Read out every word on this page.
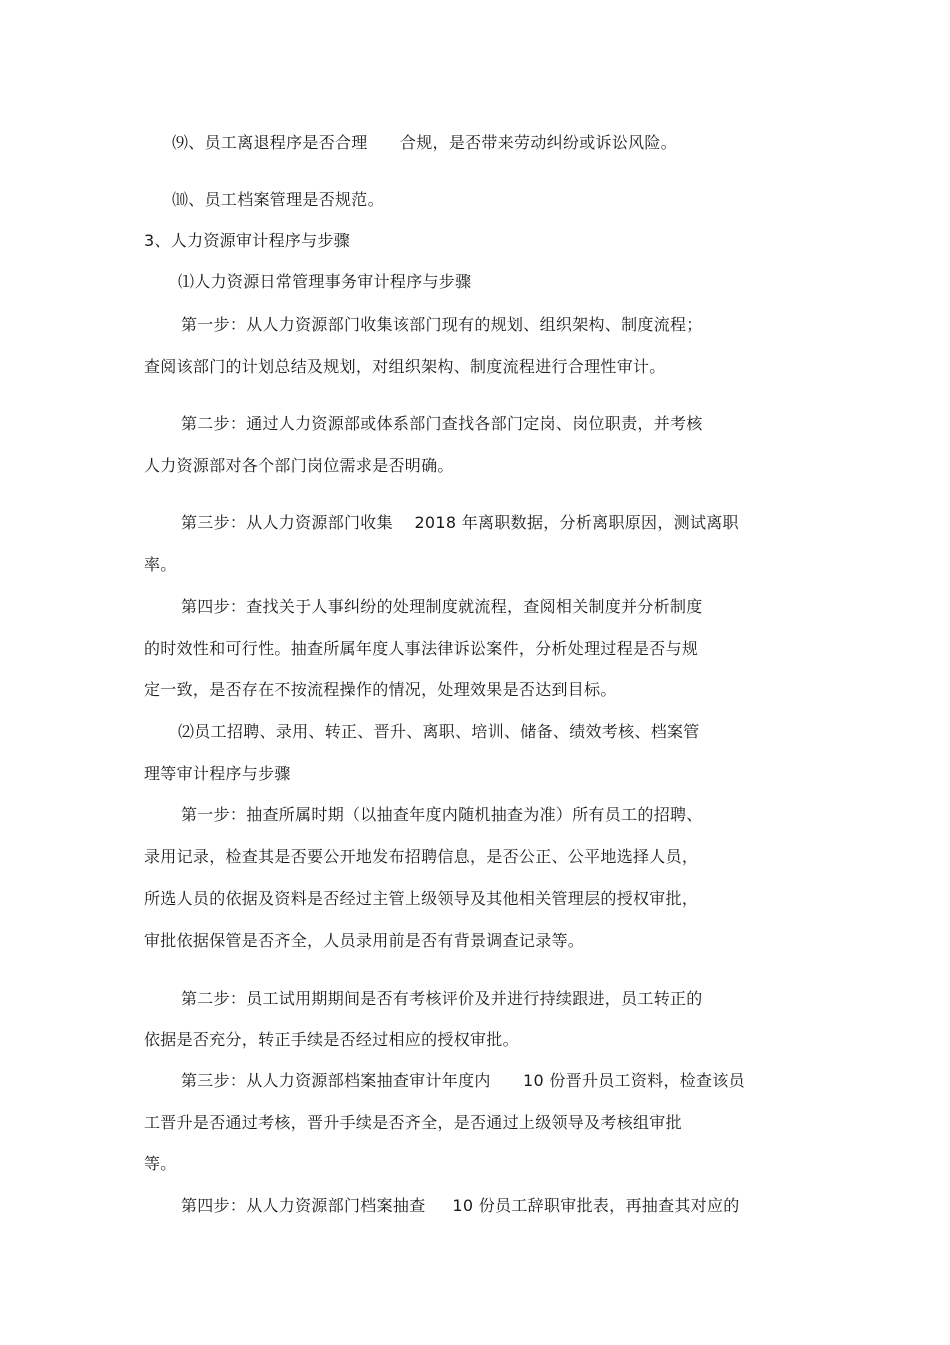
⑼、员工离退程序是否合理      合规，是否带来劳动纠纷或诉讼风险。
⑽、员工档案管理是否规范。
3、人力资源审计程序与步骤
⑴人力资源日常管理事务审计程序与步骤
第一步：从人力资源部门收集该部门现有的规划、组织架构、制度流程；
查阅该部门的计划总结及规划，对组织架构、制度流程进行合理性审计。
第二步：通过人力资源部或体系部门查找各部门定岗、岗位职责，并考核
人力资源部对各个部门岗位需求是否明确。
第三步：从人力资源部门收集    2018 年离职数据，分析离职原因，测试离职
率。
第四步：查找关于人事纠纷的处理制度就流程，查阅相关制度并分析制度
的时效性和可行性。抽查所属年度人事法律诉讼案件，分析处理过程是否与规
定一致，是否存在不按流程操作的情况，处理效果是否达到目标。
⑵员工招聘、录用、转正、晋升、离职、培训、储备、绩效考核、档案管
理等审计程序与步骤
第一步：抽查所属时期（以抽查年度内随机抽查为准）所有员工的招聘、
录用记录，检查其是否要公开地发布招聘信息，是否公正、公平地选择人员，
所选人员的依据及资料是否经过主管上级领导及其他相关管理层的授权审批，
审批依据保管是否齐全，人员录用前是否有背景调查记录等。
第二步：员工试用期期间是否有考核评价及并进行持续跟进，员工转正的
依据是否充分，转正手续是否经过相应的授权审批。
第三步：从人力资源部档案抽查审计年度内      10 份晋升员工资料，检查该员
工晋升是否通过考核，晋升手续是否齐全，是否通过上级领导及考核组审批
等。
第四步：从人力资源部门档案抽查     10 份员工辞职审批表，再抽查其对应的
